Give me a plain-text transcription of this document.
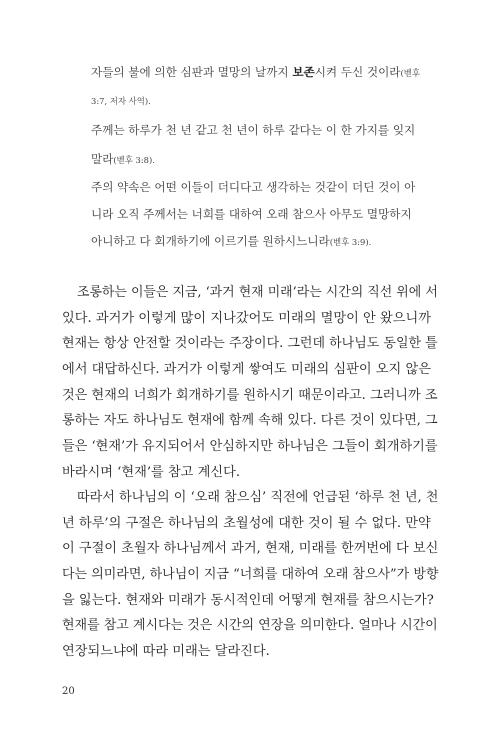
자들의 불에 의한 심판과 멸망의 날까지 보존시켜 두신 것이라(벧후
3:7, 저자 사역).
주께는 하루가 천 년 같고 천 년이 하루 같다는 이 한 가지를 잊지
말라(벧후 3:8).
주의 약속은 어떤 이들이 더디다고 생각하는 것같이 더딘 것이 아
니라 오직 주께서는 너희를 대하여 오래 참으사 아무도 멸망하지
아니하고 다 회개하기에 이르기를 원하시느니라(벧후 3:9).
조롱하는 이들은 지금, ‘과거 현재 미래’라는 시간의 직선 위에 서
있다. 과거가 이렇게 많이 지나갔어도 미래의 멸망이 안 왔으니까
현재는 항상 안전할 것이라는 주장이다. 그런데 하나님도 동일한 틀
에서 대답하신다. 과거가 이렇게 쌓여도 미래의 심판이 오지 않은
것은 현재의 너희가 회개하기를 원하시기 때문이라고. 그러니까 조
롱하는 자도 하나님도 현재에 함께 속해 있다. 다른 것이 있다면, 그
들은 ‘현재’가 유지되어서 안심하지만 하나님은 그들이 회개하기를
바라시며 ‘현재’를 참고 계신다.
따라서 하나님의 이 ‘오래 참으심’ 직전에 언급된 ‘하루 천 년, 천
년 하루’의 구절은 하나님의 초월성에 대한 것이 될 수 없다. 만약
이 구절이 초월자 하나님께서 과거, 현재, 미래를 한꺼번에 다 보신
다는 의미라면, 하나님이 지금 “너희를 대하여 오래 참으사”가 방향
을 잃는다. 현재와 미래가 동시적인데 어떻게 현재를 참으시는가?
현재를 참고 계시다는 것은 시간의 연장을 의미한다. 얼마나 시간이
연장되느냐에 따라 미래는 달라진다.
20
